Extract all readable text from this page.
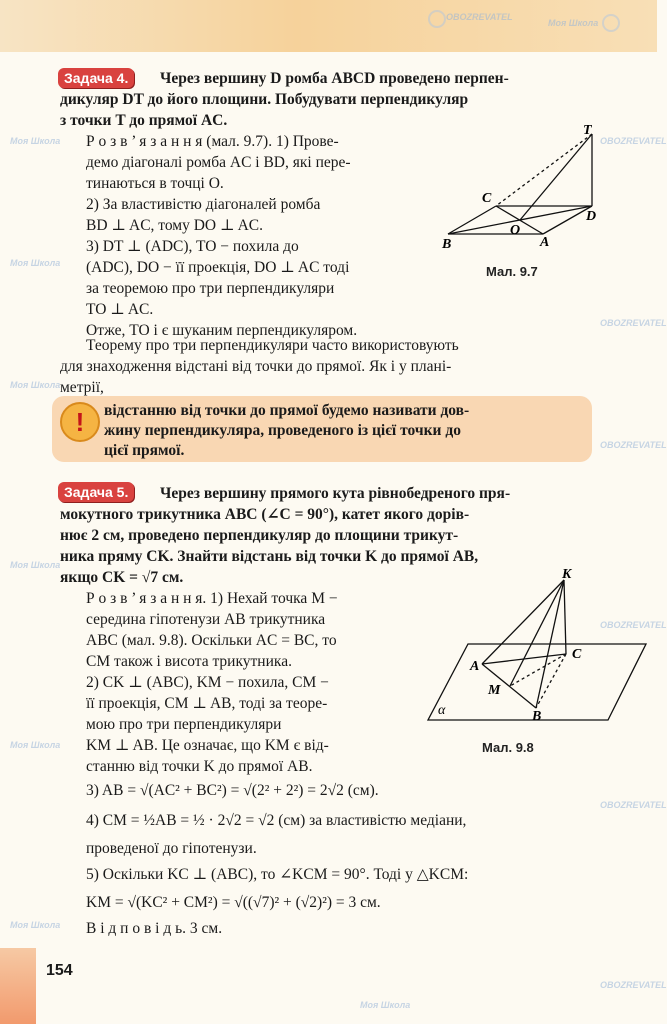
OBOZREVATEL
Моя Школа
Моя Школа	OBOZREVATEL
Моя Школа
OBOZREVATEL
Моя Школа
OBOZREVATEL
Моя Школа
OBOZREVATEL
Моя Школа
OBOZREVATEL
Моя Школа
OBOZREVATEL
Моя Школа
Задача 4.	Через вершину D ромба ABCD проведено перпен-
дикуляр DT до його площини. Побудувати перпендикуляр
з точки T до прямої AC.
Р о з в ’ я з а н н я (мал. 9.7). 1) Прове-
демо діагоналі ромба AC і BD, які пере-
тинаються в точці O.
2) За властивістю діагоналей ромба
BD ⊥ AC, тому DO ⊥ AC.
3) DT ⊥ (ADC), TO − похила до
(ADC), DO − її проекція, DO ⊥ AC тоді
за теоремою про три перпендикуляри
TO ⊥ AC.
Отже, TO і є шуканим перпендикуляром.
T
C
D
O
B	A
Мал. 9.7
Теорему про три перпендикуляри часто використовують
для знаходження відстані від точки до прямої. Як і у плані-
метрії,
!	відстанню від точки до прямої будемо називати дов-
жину перпендикуляра, проведеного із цієї точки до
цієї прямої.
Задача 5.	Через вершину прямого кута рівнобедреного пря-
мокутного трикутника ABC (∠C = 90°), катет якого дорів-
нює 2 см, проведено перпендикуляр до площини трикут-
ника пряму CK. Знайти відстань від точки K до прямої AB,
якщо CK = √7 см.
Р о з в ’ я з а н н я. 1) Нехай точка M −
середина гіпотенузи AB трикутника
ABC (мал. 9.8). Оскільки AC = BC, то
CM також і висота трикутника.
2) CK ⊥ (ABC), KM − похила, CM −
її проекція, CM ⊥ AB, тоді за теоре-
мою про три перпендикуляри
KM ⊥ AB. Це означає, що KM є від-
станню від точки K до прямої AB.
3) AB = √(AC² + BC²) = √(2² + 2²) = 2√2 (см).
4) CM = ½AB = ½ · 2√2 = √2 (см) за властивістю медіани,
проведеної до гіпотенузи.
5) Оскільки KC ⊥ (ABC), то ∠KCM = 90°. Тоді у △KCM:
KM = √(KC² + CM²) = √((√7)² + (√2)²) = 3 см.
В і д п о в і д ь. 3 см.
K
A
C
M
B
α
Мал. 9.8
154
